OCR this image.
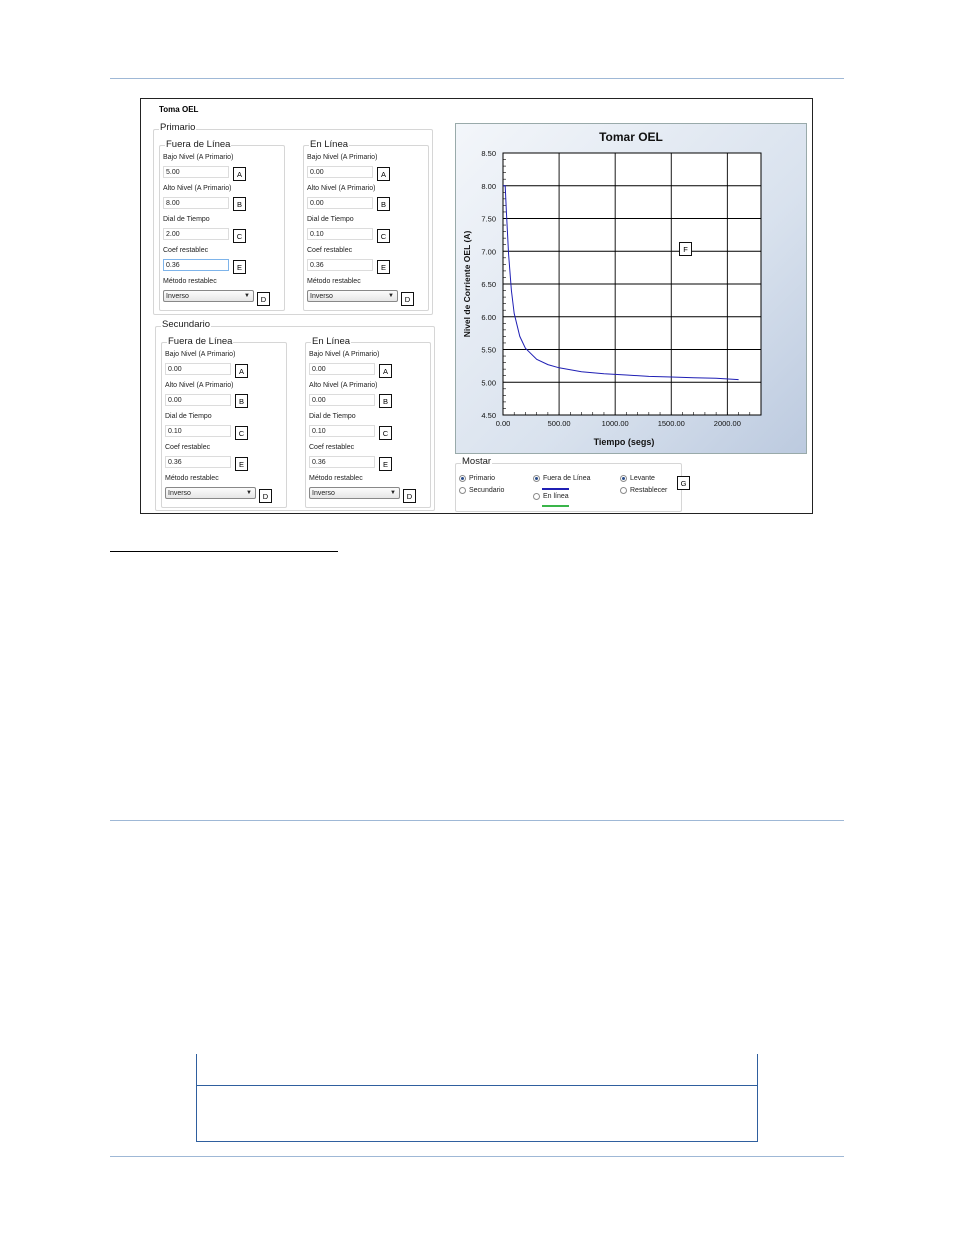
Toma OEL
Primario
Fuera de Línea
Bajo Nivel (A Primario)
5.00	A
Alto Nivel (A Primario)
8.00	B
Dial de Tiempo
2.00	C
Coef restablec
0.36	E
Método restablec
Inverso	▼	D
En Línea
Bajo Nivel (A Primario)
0.00	A
Alto Nivel (A Primario)
0.00	B
Dial de Tiempo
0.10	C
Coef restablec
0.36	E
Método restablec
Inverso	▼	D
Secundario
Fuera de Línea
Bajo Nivel (A Primario)
0.00	A
Alto Nivel (A Primario)
0.00	B
Dial de Tiempo
0.10	C
Coef restablec
0.36	E
Método restablec
Inverso	▼	D
En Línea
Bajo Nivel (A Primario)
0.00	A
Alto Nivel (A Primario)
0.00	B
Dial de Tiempo
0.10	C
Coef restablec
0.36	E
Método restablec
Inverso	▼	D
Tomar OEL
Tiempo (segs)
Nivel de Corriente OEL (A)
0.00	500.00	1000.00	1500.00	2000.00
4.50
5.00
5.50
6.00
6.50
7.00
7.50
8.00
8.50
F
Mostar
Primario
Secundario
Fuera de Línea
En línea
Levante
Restablecer
G
